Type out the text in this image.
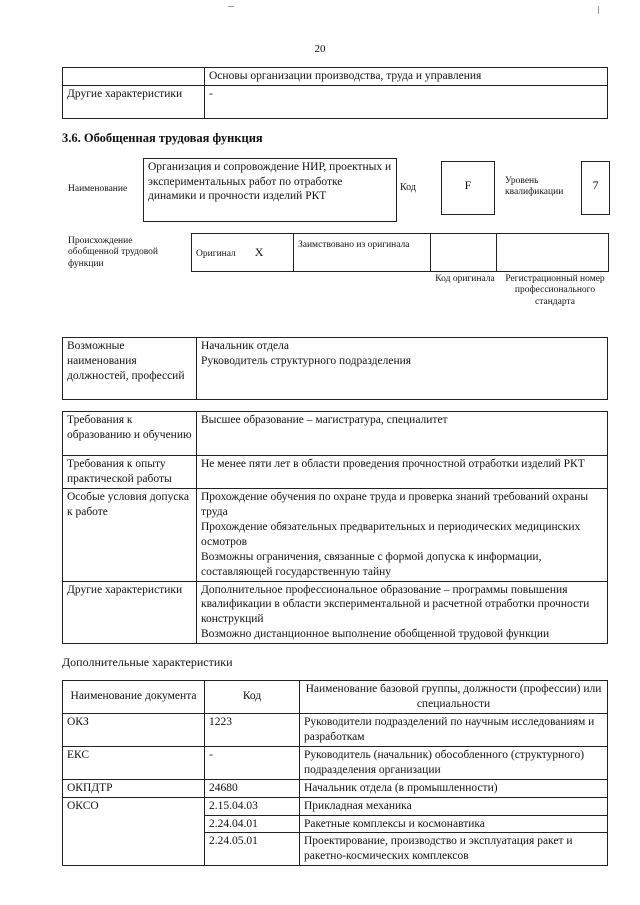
20
	Основы организации производства, труда и управления
Другие характеристики	-
3.6. Обобщенная трудовая функция
Наименование
Организация и сопровождение НИР, проектных и экспериментальных работ по отработке динамики и прочности изделий РКТ
Код	F	Уровень квалификации
7
Происхождение обобщенной трудовой функции
Оригинал X	Заимствовано из оригинала

Код оригинала	Регистрационный номер профессионального стандарта
Возможные наименования должностей, профессий	
Начальник отдела
Руководитель структурного подразделения
Требования к образованию и обучению	Высшее образование – магистратура, специалитет

Требования к опыту практической работы	Не менее пяти лет в области проведения прочностной отработки изделий РКТ

Особые условия допуска к работе	Прохождение обучения по охране труда и проверка знаний требований охраны труда
Прохождение обязательных предварительных и периодических медицинских осмотров
Возможны ограничения, связанные с формой допуска к информации, составляющей государственную тайну

Другие характеристики	Дополнительное профессиональное образование – программы повышения квалификации в области экспериментальной и расчетной отработки прочности конструкций
Возможно дистанционное выполнение обобщенной трудовой функции
Дополнительные характеристики
Наименование документа	Код	Наименование базовой группы, должности (профессии) или специальности
ОКЗ	1223	Руководители подразделений по научным исследованиям и разработкам
ЕКС	-	Руководитель (начальник) обособленного (структурного) подразделения организации
ОКПДТР	24680	Начальник отдела (в промышленности)
ОКСО	2.15.04.03	Прикладная механика
	2.24.04.01	Ракетные комплексы и космонавтика
	2.24.05.01	Проектирование, производство и эксплуатация ракет и ракетно-космических комплексов
